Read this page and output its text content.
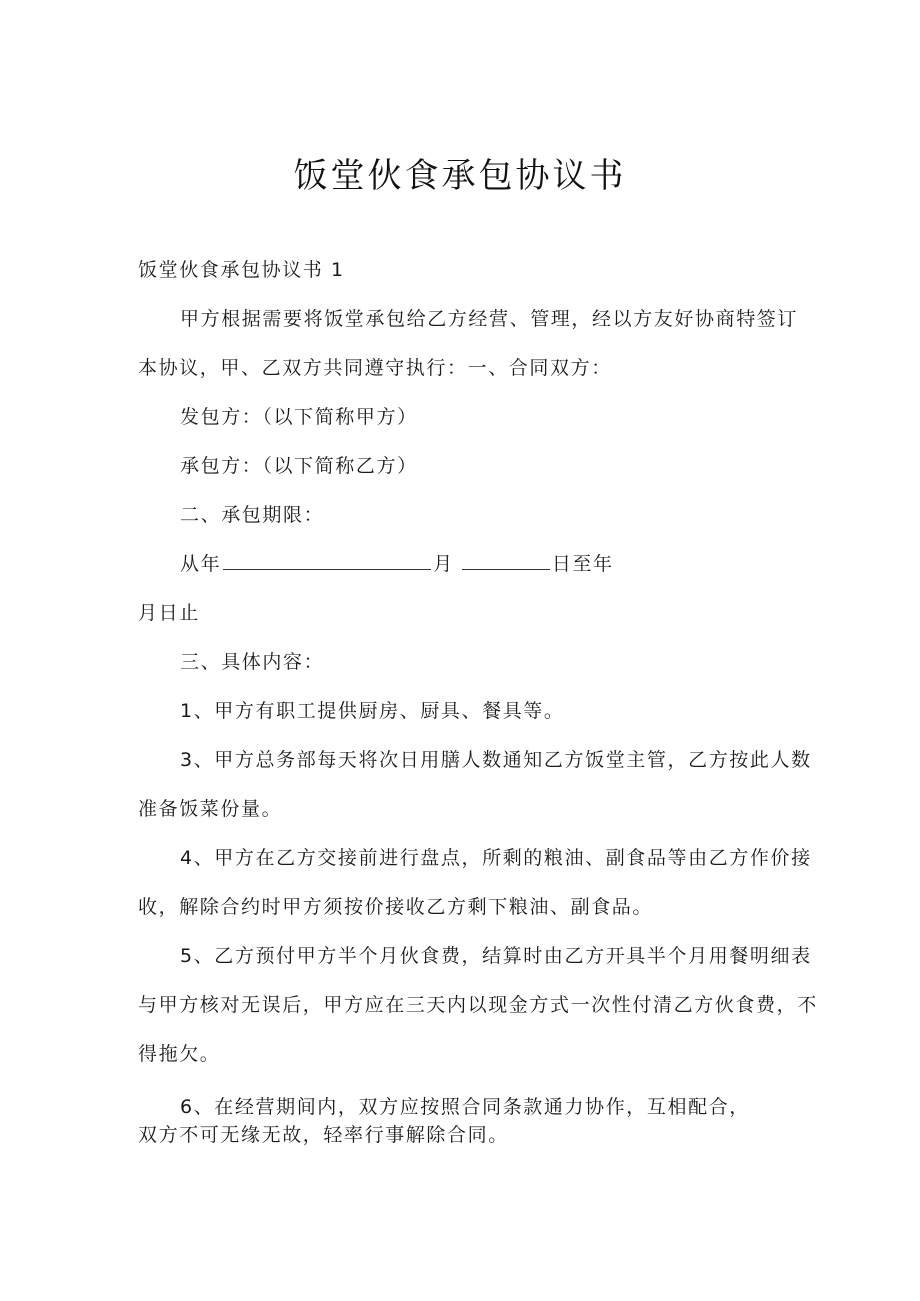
饭堂伙食承包协议书
饭堂伙食承包协议书 1
甲方根据需要将饭堂承包给乙方经营、管理，经以方友好协商特签订
本协议，甲、乙双方共同遵守执行：一、合同双方：
发包方：（以下简称甲方）
承包方：（以下简称乙方）
二、承包期限：
从年	月	日至年
月日止
三、具体内容：
1、甲方有职工提供厨房、厨具、餐具等。
3、甲方总务部每天将次日用膳人数通知乙方饭堂主管，乙方按此人数
准备饭菜份量。
4、甲方在乙方交接前进行盘点，所剩的粮油、副食品等由乙方作价接
收，解除合约时甲方须按价接收乙方剩下粮油、副食品。
5、乙方预付甲方半个月伙食费，结算时由乙方开具半个月用餐明细表
与甲方核对无误后，甲方应在三天内以现金方式一次性付清乙方伙食费，不
得拖欠。
6、在经营期间内，双方应按照合同条款通力协作，互相配合，
双方不可无缘无故，轻率行事解除合同。
